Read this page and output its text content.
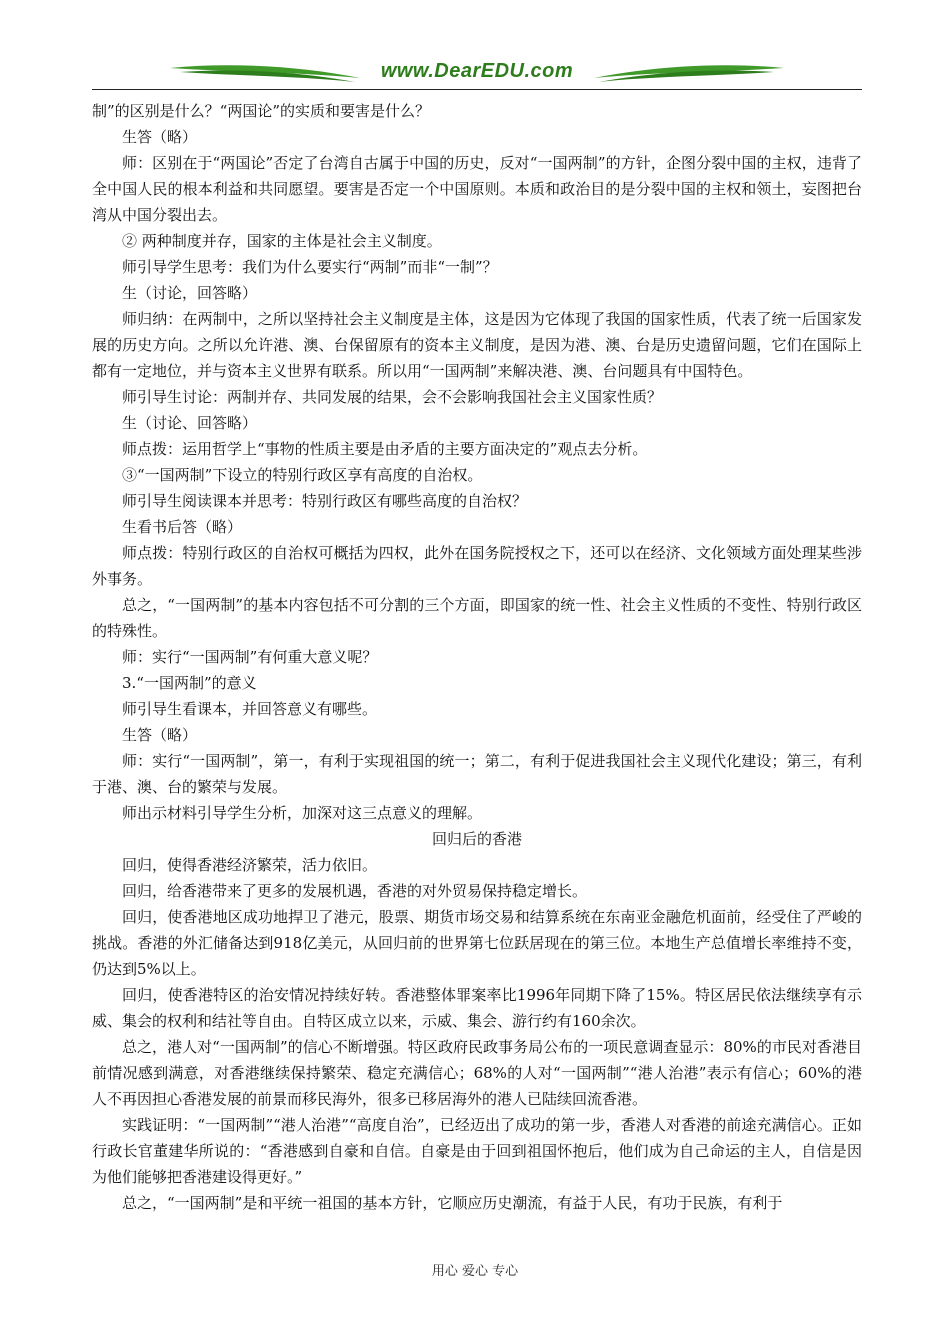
www.DearEDU.com

制”的区别是什么？“两国论”的实质和要害是什么？

生答（略）

师：区别在于“两国论”否定了台湾自古属于中国的历史，反对“一国两制”的方针，企图分裂中国的主权，违背了全中国人民的根本利益和共同愿望。要害是否定一个中国原则。本质和政治目的是分裂中国的主权和领土，妄图把台湾从中国分裂出去。

② 两种制度并存，国家的主体是社会主义制度。

师引导学生思考：我们为什么要实行“两制”而非“一制”？

生（讨论，回答略）

师归纳：在两制中，之所以坚持社会主义制度是主体，这是因为它体现了我国的国家性质，代表了统一后国家发展的历史方向。之所以允许港、澳、台保留原有的资本主义制度，是因为港、澳、台是历史遗留问题，它们在国际上都有一定地位，并与资本主义世界有联系。所以用“一国两制”来解决港、澳、台问题具有中国特色。

师引导生讨论：两制并存、共同发展的结果，会不会影响我国社会主义国家性质？

生（讨论、回答略）

师点拨：运用哲学上“事物的性质主要是由矛盾的主要方面决定的”观点去分析。

③“一国两制”下设立的特别行政区享有高度的自治权。

师引导生阅读课本并思考：特别行政区有哪些高度的自治权？

生看书后答（略）

师点拨：特别行政区的自治权可概括为四权，此外在国务院授权之下，还可以在经济、文化领域方面处理某些涉外事务。

总之，“一国两制”的基本内容包括不可分割的三个方面，即国家的统一性、社会主义性质的不变性、特别行政区的特殊性。

师：实行“一国两制”有何重大意义呢？

3.“一国两制”的意义

师引导生看课本，并回答意义有哪些。

生答（略）

师：实行“一国两制”，第一，有利于实现祖国的统一；第二，有利于促进我国社会主义现代化建设；第三，有利于港、澳、台的繁荣与发展。

师出示材料引导学生分析，加深对这三点意义的理解。

回归后的香港

回归，使得香港经济繁荣，活力依旧。

回归，给香港带来了更多的发展机遇，香港的对外贸易保持稳定增长。

回归，使香港地区成功地捍卫了港元，股票、期货市场交易和结算系统在东南亚金融危机面前，经受住了严峻的挑战。香港的外汇储备达到918亿美元，从回归前的世界第七位跃居现在的第三位。本地生产总值增长率维持不变，仍达到5%以上。

回归，使香港特区的治安情况持续好转。香港整体罪案率比1996年同期下降了15%。特区居民依法继续享有示威、集会的权利和结社等自由。自特区成立以来，示威、集会、游行约有160余次。

总之，港人对“一国两制”的信心不断增强。特区政府民政事务局公布的一项民意调查显示：80%的市民对香港目前情况感到满意，对香港继续保持繁荣、稳定充满信心；68%的人对“一国两制”“港人治港”表示有信心；60%的港人不再因担心香港发展的前景而移民海外，很多已移居海外的港人已陆续回流香港。

实践证明：“一国两制”“港人治港”“高度自治”，已经迈出了成功的第一步，香港人对香港的前途充满信心。正如行政长官董建华所说的：“香港感到自豪和自信。自豪是由于回到祖国怀抱后，他们成为自己命运的主人，自信是因为他们能够把香港建设得更好。”

总之，“一国两制”是和平统一祖国的基本方针，它顺应历史潮流，有益于人民，有功于民族，有利于

用心 爱心 专心
